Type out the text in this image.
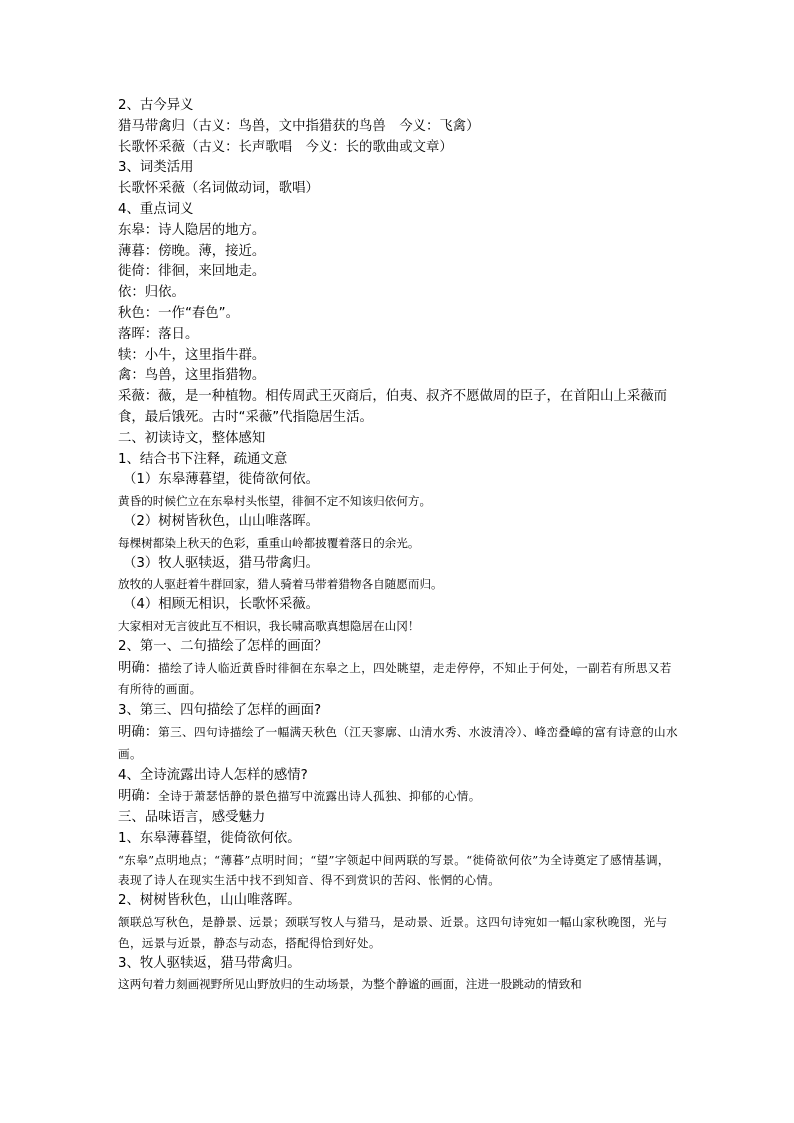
2、古今异义
猎马带禽归（古义：鸟兽，文中指猎获的鸟兽　今义：飞禽）
长歌怀采薇（古义：长声歌唱　今义：长的歌曲或文章）
3、词类活用
长歌怀采薇（名词做动词，歌唱）
4、重点词义
东皋：诗人隐居的地方。
薄暮：傍晚。薄，接近。
徙倚：徘徊，来回地走。
依：归依。
秋色：一作“春色”。
落晖：落日。
犊：小牛，这里指牛群。
禽：鸟兽，这里指猎物。
采薇：薇，是一种植物。相传周武王灭商后，伯夷、叔齐不愿做周的臣子，在首阳山上采薇而食，最后饿死。古时“采薇”代指隐居生活。
二、初读诗文，整体感知
1、结合书下注释，疏通文意
（1）东皋薄暮望，徙倚欲何依。
黄昏的时候伫立在东皋村头怅望，徘徊不定不知该归依何方。
（2）树树皆秋色，山山唯落晖。
每棵树都染上秋天的色彩，重重山岭都披覆着落日的余光。
（3）牧人驱犊返，猎马带禽归。
放牧的人驱赶着牛群回家，猎人骑着马带着猎物各自随愿而归。
（4）相顾无相识，长歌怀采薇。
大家相对无言彼此互不相识，我长啸高歌真想隐居在山冈！
2、第一、二句描绘了怎样的画面？
明确：描绘了诗人临近黄昏时徘徊在东皋之上，四处眺望，走走停停，不知止于何处，一副若有所思又若有所待的画面。
3、第三、四句描绘了怎样的画面?
明确：第三、四句诗描绘了一幅满天秋色（江天寥廓、山清水秀、水波清冷）、峰峦叠嶂的富有诗意的山水画。
4、全诗流露出诗人怎样的感情?
明确：全诗于萧瑟恬静的景色描写中流露出诗人孤独、抑郁的心情。
三、品味语言，感受魅力
1、东皋薄暮望，徙倚欲何依。
“东皋”点明地点；“薄暮”点明时间；“望”字领起中间两联的写景。“徙倚欲何依”为全诗奠定了感情基调，表现了诗人在现实生活中找不到知音、得不到赏识的苦闷、怅惘的心情。
2、树树皆秋色，山山唯落晖。
颔联总写秋色，是静景、远景；颈联写牧人与猎马，是动景、近景。这四句诗宛如一幅山家秋晚图，光与色，远景与近景，静态与动态，搭配得恰到好处。
3、牧人驱犊返，猎马带禽归。
这两句着力刻画视野所见山野放归的生动场景，为整个静谧的画面，注进一股跳动的情致和
